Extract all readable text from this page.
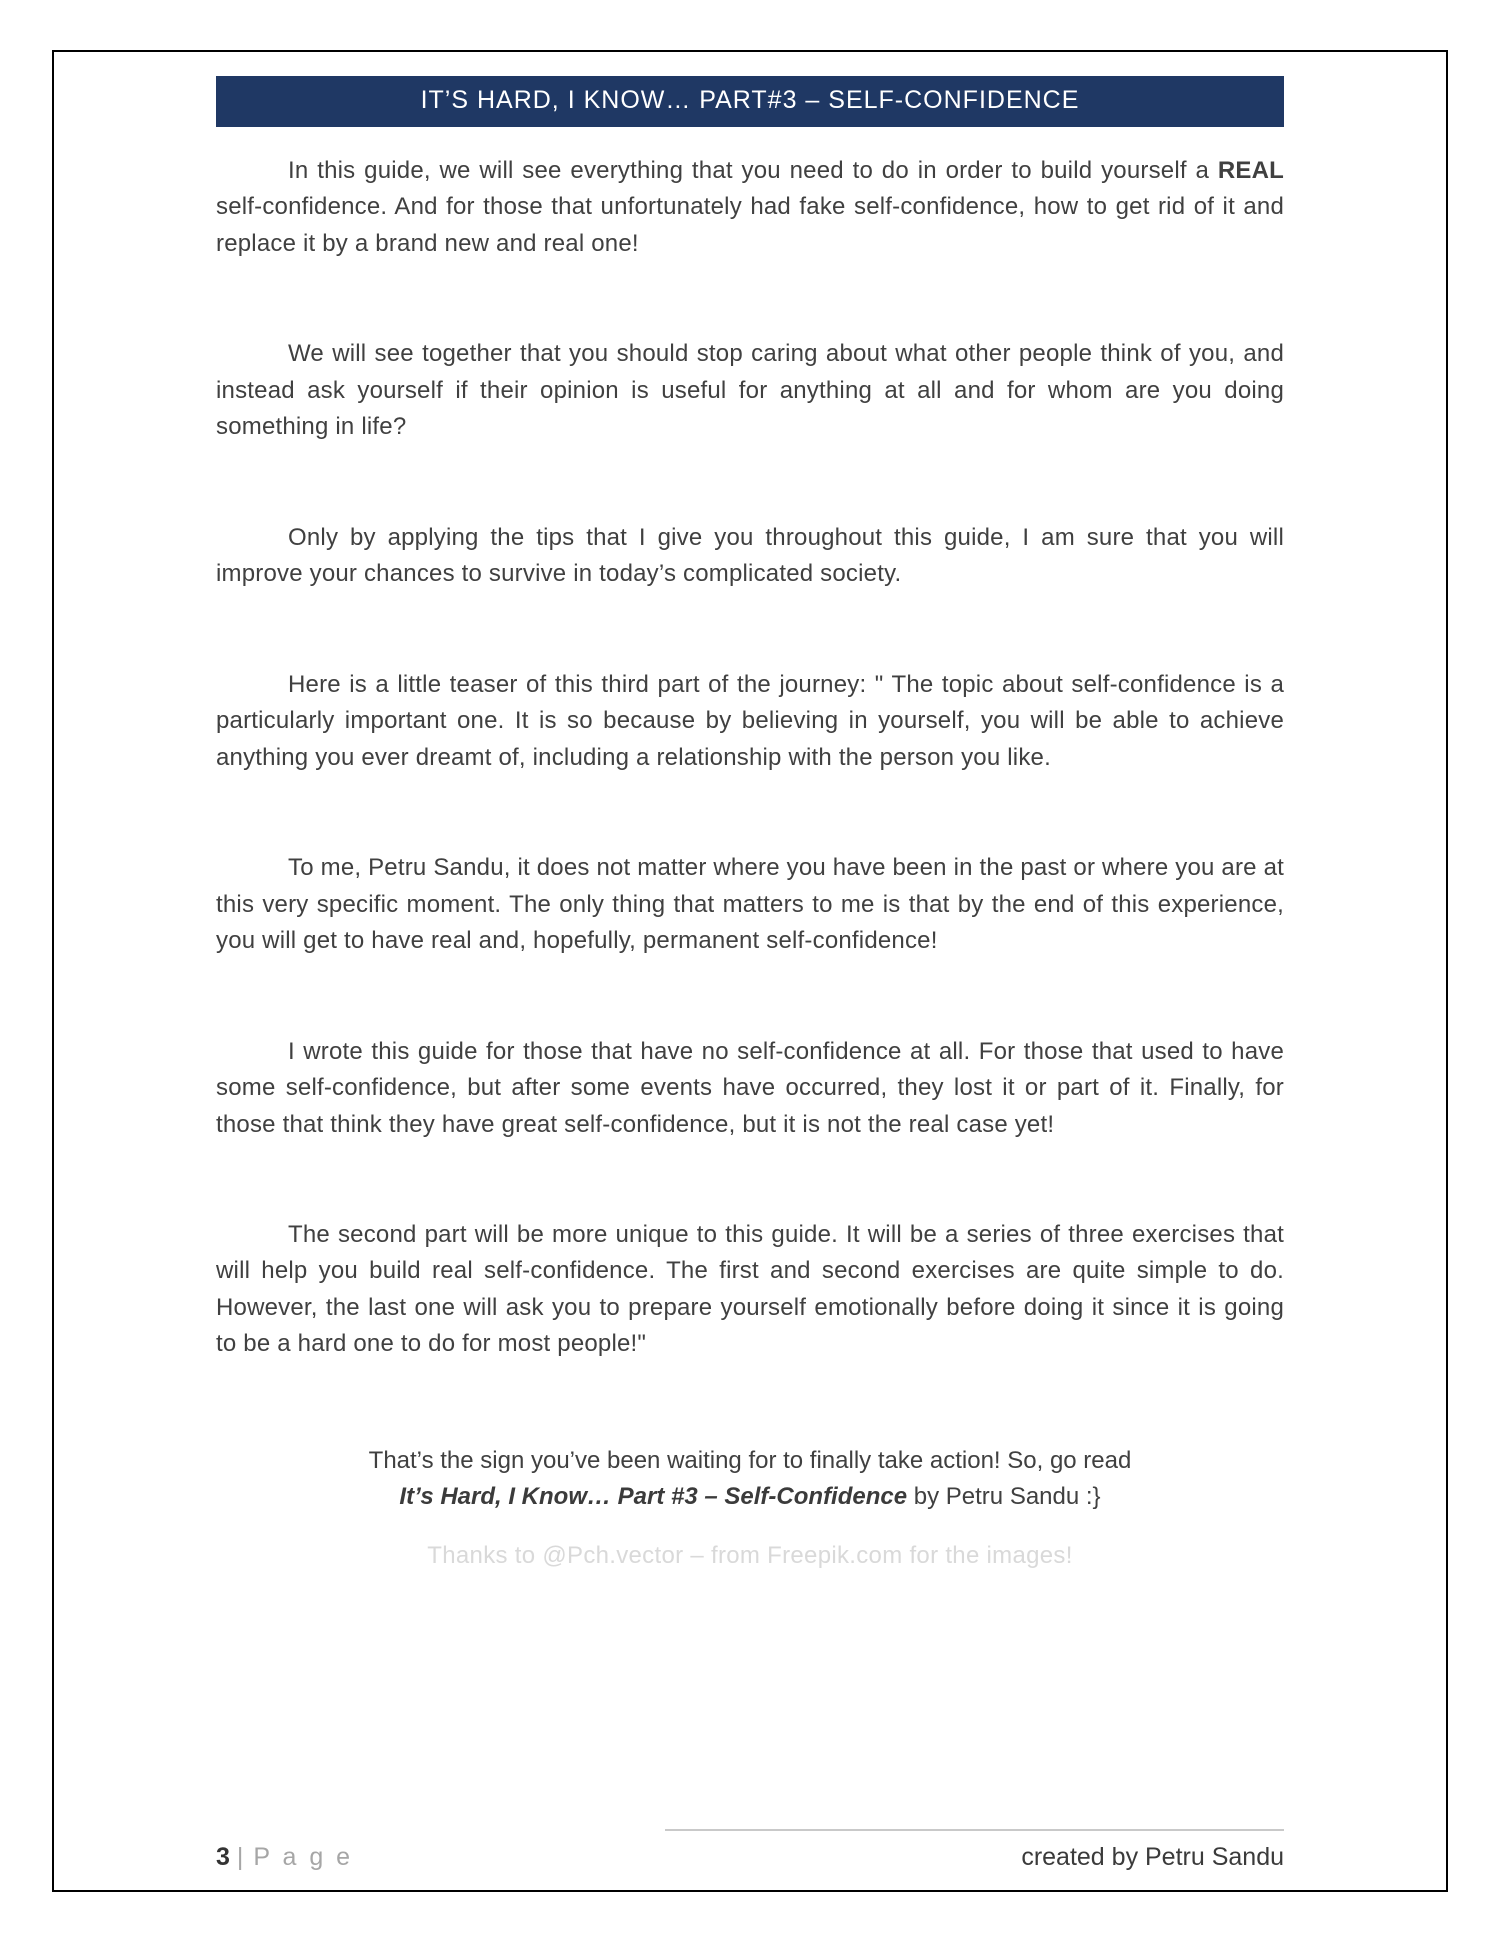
IT’S HARD, I KNOW… PART#3 – SELF-CONFIDENCE

In this guide, we will see everything that you need to do in order to build yourself a REAL self-confidence. And for those that unfortunately had fake self-confidence, how to get rid of it and replace it by a brand new and real one!

We will see together that you should stop caring about what other people think of you, and instead ask yourself if their opinion is useful for anything at all and for whom are you doing something in life?

Only by applying the tips that I give you throughout this guide, I am sure that you will improve your chances to survive in today’s complicated society.

Here is a little teaser of this third part of the journey: " The topic about self-confidence is a particularly important one. It is so because by believing in yourself, you will be able to achieve anything you ever dreamt of, including a relationship with the person you like.

To me, Petru Sandu, it does not matter where you have been in the past or where you are at this very specific moment. The only thing that matters to me is that by the end of this experience, you will get to have real and, hopefully, permanent self-confidence!

I wrote this guide for those that have no self-confidence at all. For those that used to have some self-confidence, but after some events have occurred, they lost it or part of it. Finally, for those that think they have great self-confidence, but it is not the real case yet!

The second part will be more unique to this guide. It will be a series of three exercises that will help you build real self-confidence. The first and second exercises are quite simple to do. However, the last one will ask you to prepare yourself emotionally before doing it since it is going to be a hard one to do for most people!"

That’s the sign you’ve been waiting for to finally take action! So, go read
It’s Hard, I Know… Part #3 – Self-Confidence by Petru Sandu :}

Thanks to @Pch.vector – from Freepik.com for the images!

3 | P a g e	created by Petru Sandu
